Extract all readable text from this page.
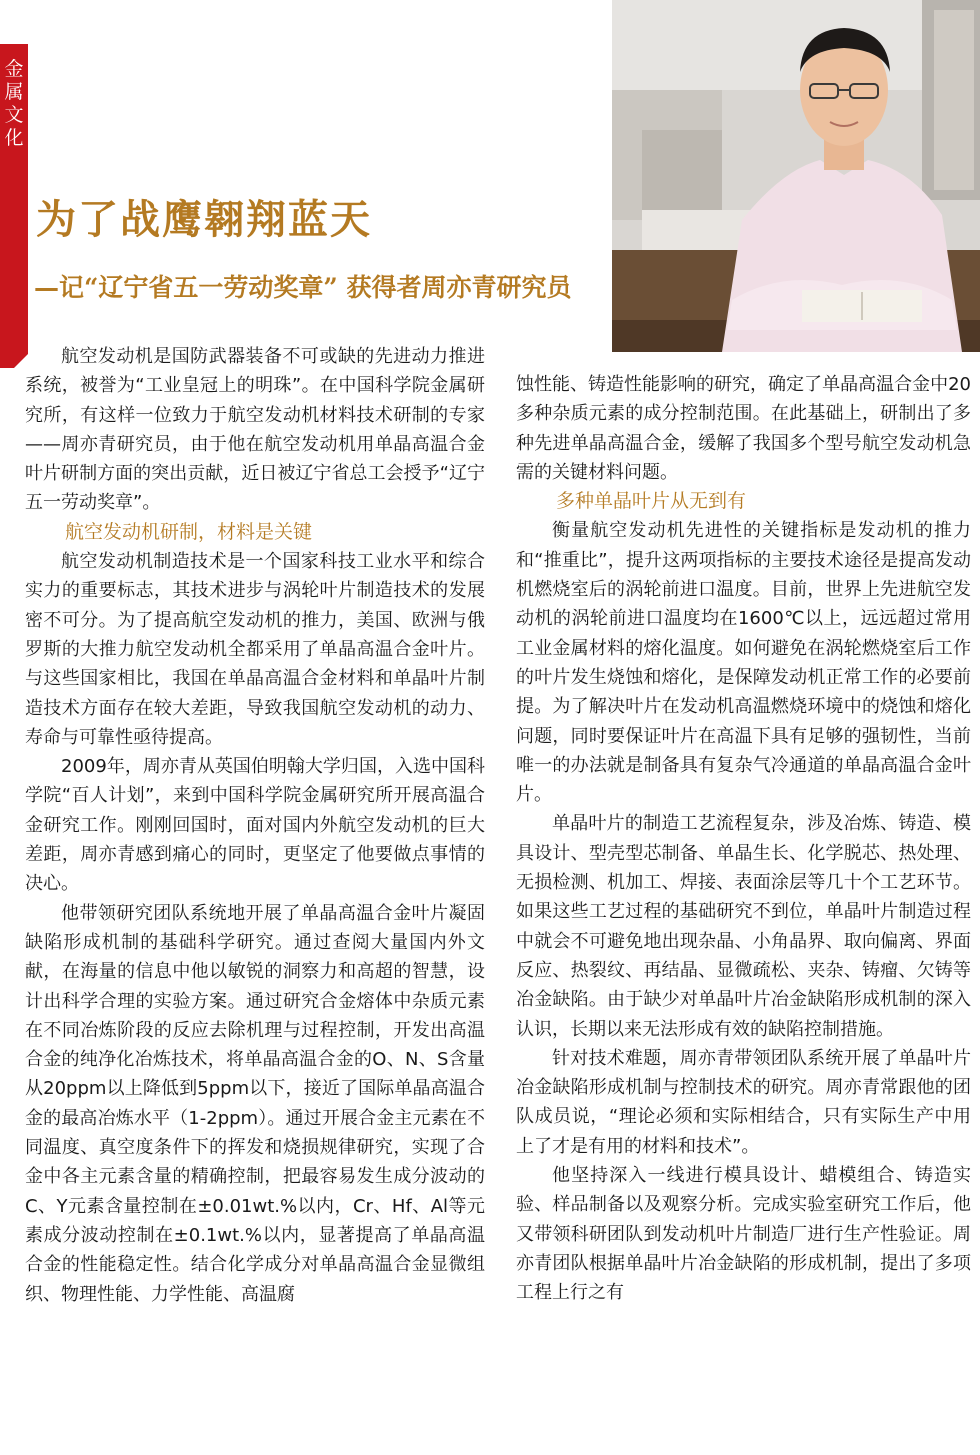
金属文化
为了战鹰翱翔蓝天
—记“辽宁省五一劳动奖章” 获得者周亦青研究员

航空发动机是国防武器装备不可或缺的先进动力推进系统，被誉为“工业皇冠上的明珠”。在中国科学院金属研究所，有这样一位致力于航空发动机材料技术研制的专家——周亦青研究员，由于他在航空发动机用单晶高温合金叶片研制方面的突出贡献，近日被辽宁省总工会授予“辽宁五一劳动奖章”。

航空发动机研制，材料是关键

航空发动机制造技术是一个国家科技工业水平和综合实力的重要标志，其技术进步与涡轮叶片制造技术的发展密不可分。为了提高航空发动机的推力，美国、欧洲与俄罗斯的大推力航空发动机全都采用了单晶高温合金叶片。与这些国家相比，我国在单晶高温合金材料和单晶叶片制造技术方面存在较大差距，导致我国航空发动机的动力、寿命与可靠性亟待提高。

2009年，周亦青从英国伯明翰大学归国，入选中国科学院“百人计划”，来到中国科学院金属研究所开展高温合金研究工作。刚刚回国时，面对国内外航空发动机的巨大差距，周亦青感到痛心的同时，更坚定了他要做点事情的决心。

他带领研究团队系统地开展了单晶高温合金叶片凝固缺陷形成机制的基础科学研究。通过查阅大量国内外文献，在海量的信息中他以敏锐的洞察力和高超的智慧，设计出科学合理的实验方案。通过研究合金熔体中杂质元素在不同冶炼阶段的反应去除机理与过程控制，开发出高温合金的纯净化冶炼技术，将单晶高温合金的O、N、S含量从20ppm以上降低到5ppm以下，接近了国际单晶高温合金的最高冶炼水平（1-2ppm）。通过开展合金主元素在不同温度、真空度条件下的挥发和烧损规律研究，实现了合金中各主元素含量的精确控制，把最容易发生成分波动的C、Y元素含量控制在±0.01wt.%以内，Cr、Hf、Al等元素成分波动控制在±0.1wt.%以内，显著提高了单晶高温合金的性能稳定性。结合化学成分对单晶高温合金显微组织、物理性能、力学性能、高温腐

蚀性能、铸造性能影响的研究，确定了单晶高温合金中20多种杂质元素的成分控制范围。在此基础上，研制出了多种先进单晶高温合金，缓解了我国多个型号航空发动机急需的关键材料问题。

多种单晶叶片从无到有

衡量航空发动机先进性的关键指标是发动机的推力和“推重比”，提升这两项指标的主要技术途径是提高发动机燃烧室后的涡轮前进口温度。目前，世界上先进航空发动机的涡轮前进口温度均在1600℃以上，远远超过常用工业金属材料的熔化温度。如何避免在涡轮燃烧室后工作的叶片发生烧蚀和熔化，是保障发动机正常工作的必要前提。为了解决叶片在发动机高温燃烧环境中的烧蚀和熔化问题，同时要保证叶片在高温下具有足够的强韧性，当前唯一的办法就是制备具有复杂气冷通道的单晶高温合金叶片。

单晶叶片的制造工艺流程复杂，涉及冶炼、铸造、模具设计、型壳型芯制备、单晶生长、化学脱芯、热处理、无损检测、机加工、焊接、表面涂层等几十个工艺环节。如果这些工艺过程的基础研究不到位，单晶叶片制造过程中就会不可避免地出现杂晶、小角晶界、取向偏离、界面反应、热裂纹、再结晶、显微疏松、夹杂、铸瘤、欠铸等冶金缺陷。由于缺少对单晶叶片冶金缺陷形成机制的深入认识，长期以来无法形成有效的缺陷控制措施。

针对技术难题，周亦青带领团队系统开展了单晶叶片冶金缺陷形成机制与控制技术的研究。周亦青常跟他的团队成员说，“理论必须和实际相结合，只有实际生产中用上了才是有用的材料和技术”。

他坚持深入一线进行模具设计、蜡模组合、铸造实验、样品制备以及观察分析。完成实验室研究工作后，他又带领科研团队到发动机叶片制造厂进行生产性验证。周亦青团队根据单晶叶片冶金缺陷的形成机制，提出了多项工程上行之有
